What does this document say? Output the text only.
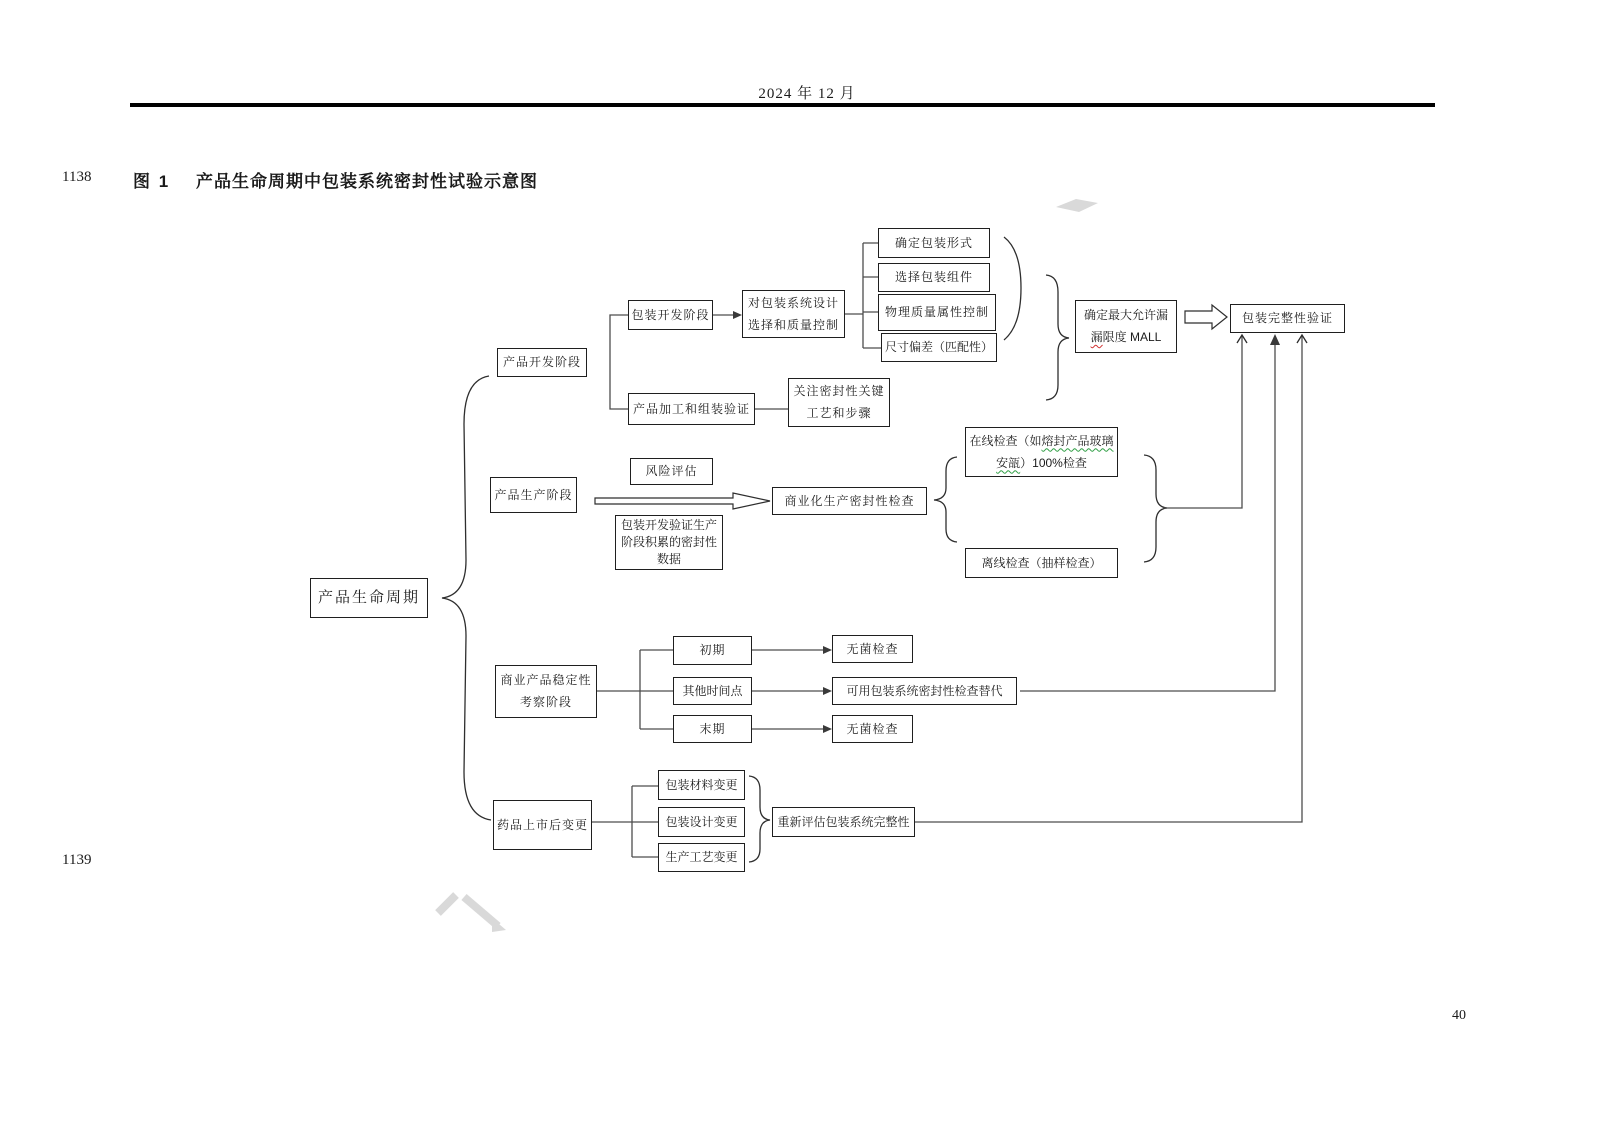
2024 年 12 月
1138 图 1 产品生命周期中包装系统密封性试验示意图
产品生命周期
产品开发阶段
包装开发阶段
对包装系统设计
选择和质量控制
确定包装形式
选择包装组件
物理质量属性控制
尺寸偏差（匹配性）
确定最大允许漏
漏限度 MALL
包装完整性验证
产品加工和组装验证
关注密封性关键
工艺和步骤
产品生产阶段
风险评估
包装开发验证生产
阶段积累的密封性
数据
商业化生产密封性检查
在线检查（如熔封产品玻璃
安瓿）100%检查
离线检查（抽样检查）
商业产品稳定性
考察阶段
初期
其他时间点
末期
无菌检查
可用包装系统密封性检查替代
无菌检查
药品上市后变更
包装材料变更
包装设计变更
生产工艺变更
重新评估包装系统完整性
1139
40
